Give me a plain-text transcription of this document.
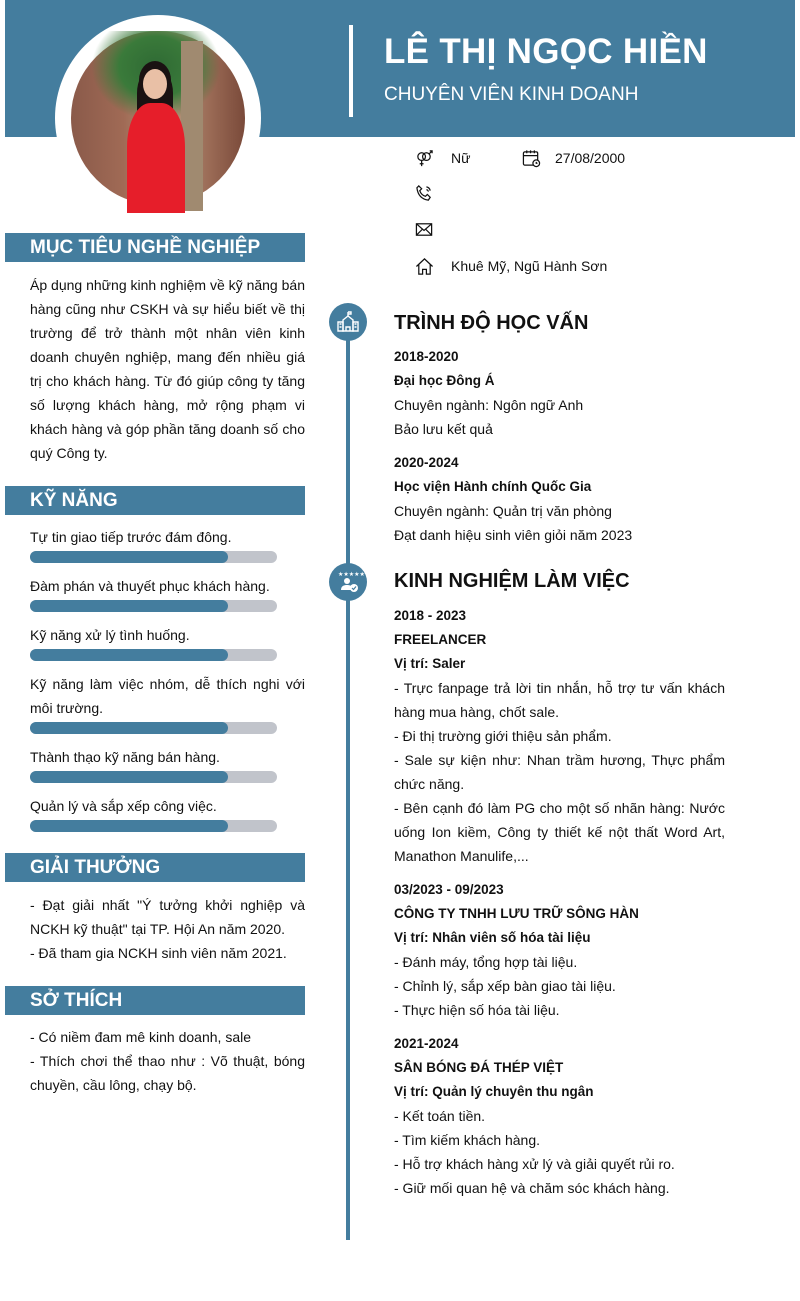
LÊ THỊ NGỌC HIỀN
CHUYÊN VIÊN KINH DOANH
Nữ	27/08/2000
Khuê Mỹ, Ngũ Hành Sơn
MỤC TIÊU NGHỀ NGHIỆP
Áp dụng những kinh nghiệm về kỹ năng bán hàng cũng như CSKH và sự hiểu biết về thị trường để trở thành một nhân viên kinh doanh chuyên nghiệp, mang đến nhiều giá trị cho khách hàng. Từ đó giúp công ty tăng số lượng khách hàng, mở rộng phạm vi khách hàng và góp phần tăng doanh số cho quý Công ty.
KỸ NĂNG
Tự tin giao tiếp trước đám đông.
Đàm phán và thuyết phục khách hàng.
Kỹ năng xử lý tình huống.
Kỹ năng làm việc nhóm, dễ thích nghi với môi trường.
Thành thạo kỹ năng bán hàng.
Quản lý và sắp xếp công việc.
GIẢI THƯỞNG
- Đạt giải nhất "Ý tưởng khởi nghiệp và NCKH kỹ thuật" tại TP. Hội An năm 2020.
- Đã tham gia NCKH sinh viên năm 2021.
SỞ THÍCH
- Có niềm đam mê kinh doanh, sale
- Thích chơi thể thao như : Võ thuật, bóng chuyền, cầu lông, chạy bộ.
★★★★★
TRÌNH ĐỘ HỌC VẤN
2018-2020
Đại học Đông Á
Chuyên ngành: Ngôn ngữ Anh
Bảo lưu kết quả
2020-2024
Học viện Hành chính Quốc Gia
Chuyên ngành: Quản trị văn phòng
Đạt danh hiệu sinh viên giỏi năm 2023
KINH NGHIỆM LÀM VIỆC
2018 - 2023
FREELANCER
Vị trí: Saler
- Trực fanpage trả lời tin nhắn, hỗ trợ tư vấn khách hàng mua hàng, chốt sale.
- Đi thị trường giới thiệu sản phẩm.
- Sale sự kiện như: Nhan trầm hương, Thực phẩm chức năng.
- Bên cạnh đó làm PG cho một số nhãn hàng: Nước uống Ion kiềm, Công ty thiết kế nột thất Word Art, Manathon Manulife,...
03/2023 - 09/2023
CÔNG TY TNHH LƯU TRỮ SÔNG HÀN
Vị trí: Nhân viên số hóa tài liệu
- Đánh máy, tổng hợp tài liệu.
- Chỉnh lý, sắp xếp bàn giao tài liệu.
- Thực hiện số hóa tài liệu.
2021-2024
SÂN BÓNG ĐÁ THÉP VIỆT
Vị trí: Quản lý chuyên thu ngân
- Kết toán tiền.
- Tìm kiếm khách hàng.
- Hỗ trợ khách hàng xử lý và giải quyết rủi ro.
- Giữ mối quan hệ và chăm sóc khách hàng.
